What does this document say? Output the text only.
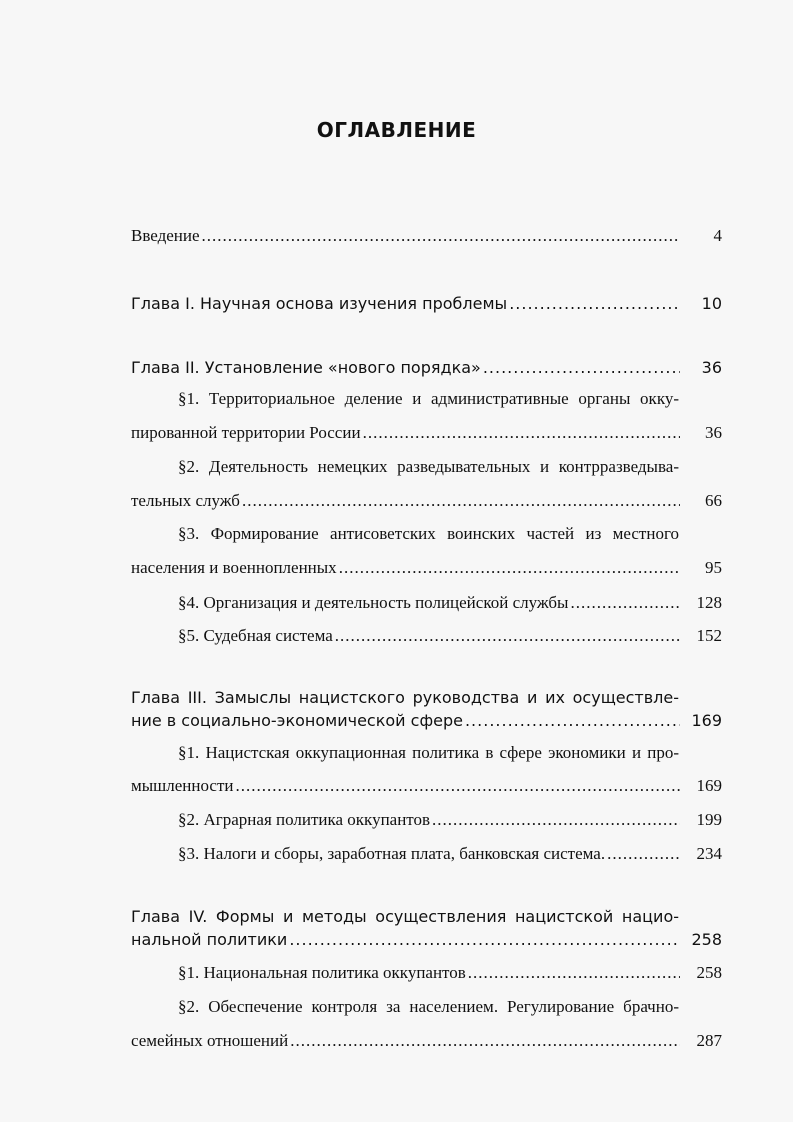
ОГЛАВЛЕНИЕ
Введение .....	4
Глава I. Научная основа изучения проблемы .....	10
Глава II. Установление «нового порядка» .....	36
§1. Территориальное деление и административные органы окку-
пированной территории России .....	36
§2. Деятельность немецких разведывательных и контрразведыва-
тельных служб .....	66
§3. Формирование антисоветских воинских частей из местного
населения и военнопленных .....	95
§4. Организация и деятельность полицейской службы .....	128
§5. Судебная система .....	152
Глава III. Замыслы нацистского руководства и их осуществле-
ние в социально-экономической сфере .....	169
§1. Нацистская оккупационная политика в сфере экономики и про-
мышленности .....	169
§2. Аграрная политика оккупантов .....	199
§3. Налоги и сборы, заработная плата, банковская система. .....	234
Глава IV. Формы и методы осуществления нацистской нацио-
нальной политики .....	258
§1. Национальная политика оккупантов .....	258
§2. Обеспечение контроля за населением. Регулирование брачно-
семейных отношений .....	287
